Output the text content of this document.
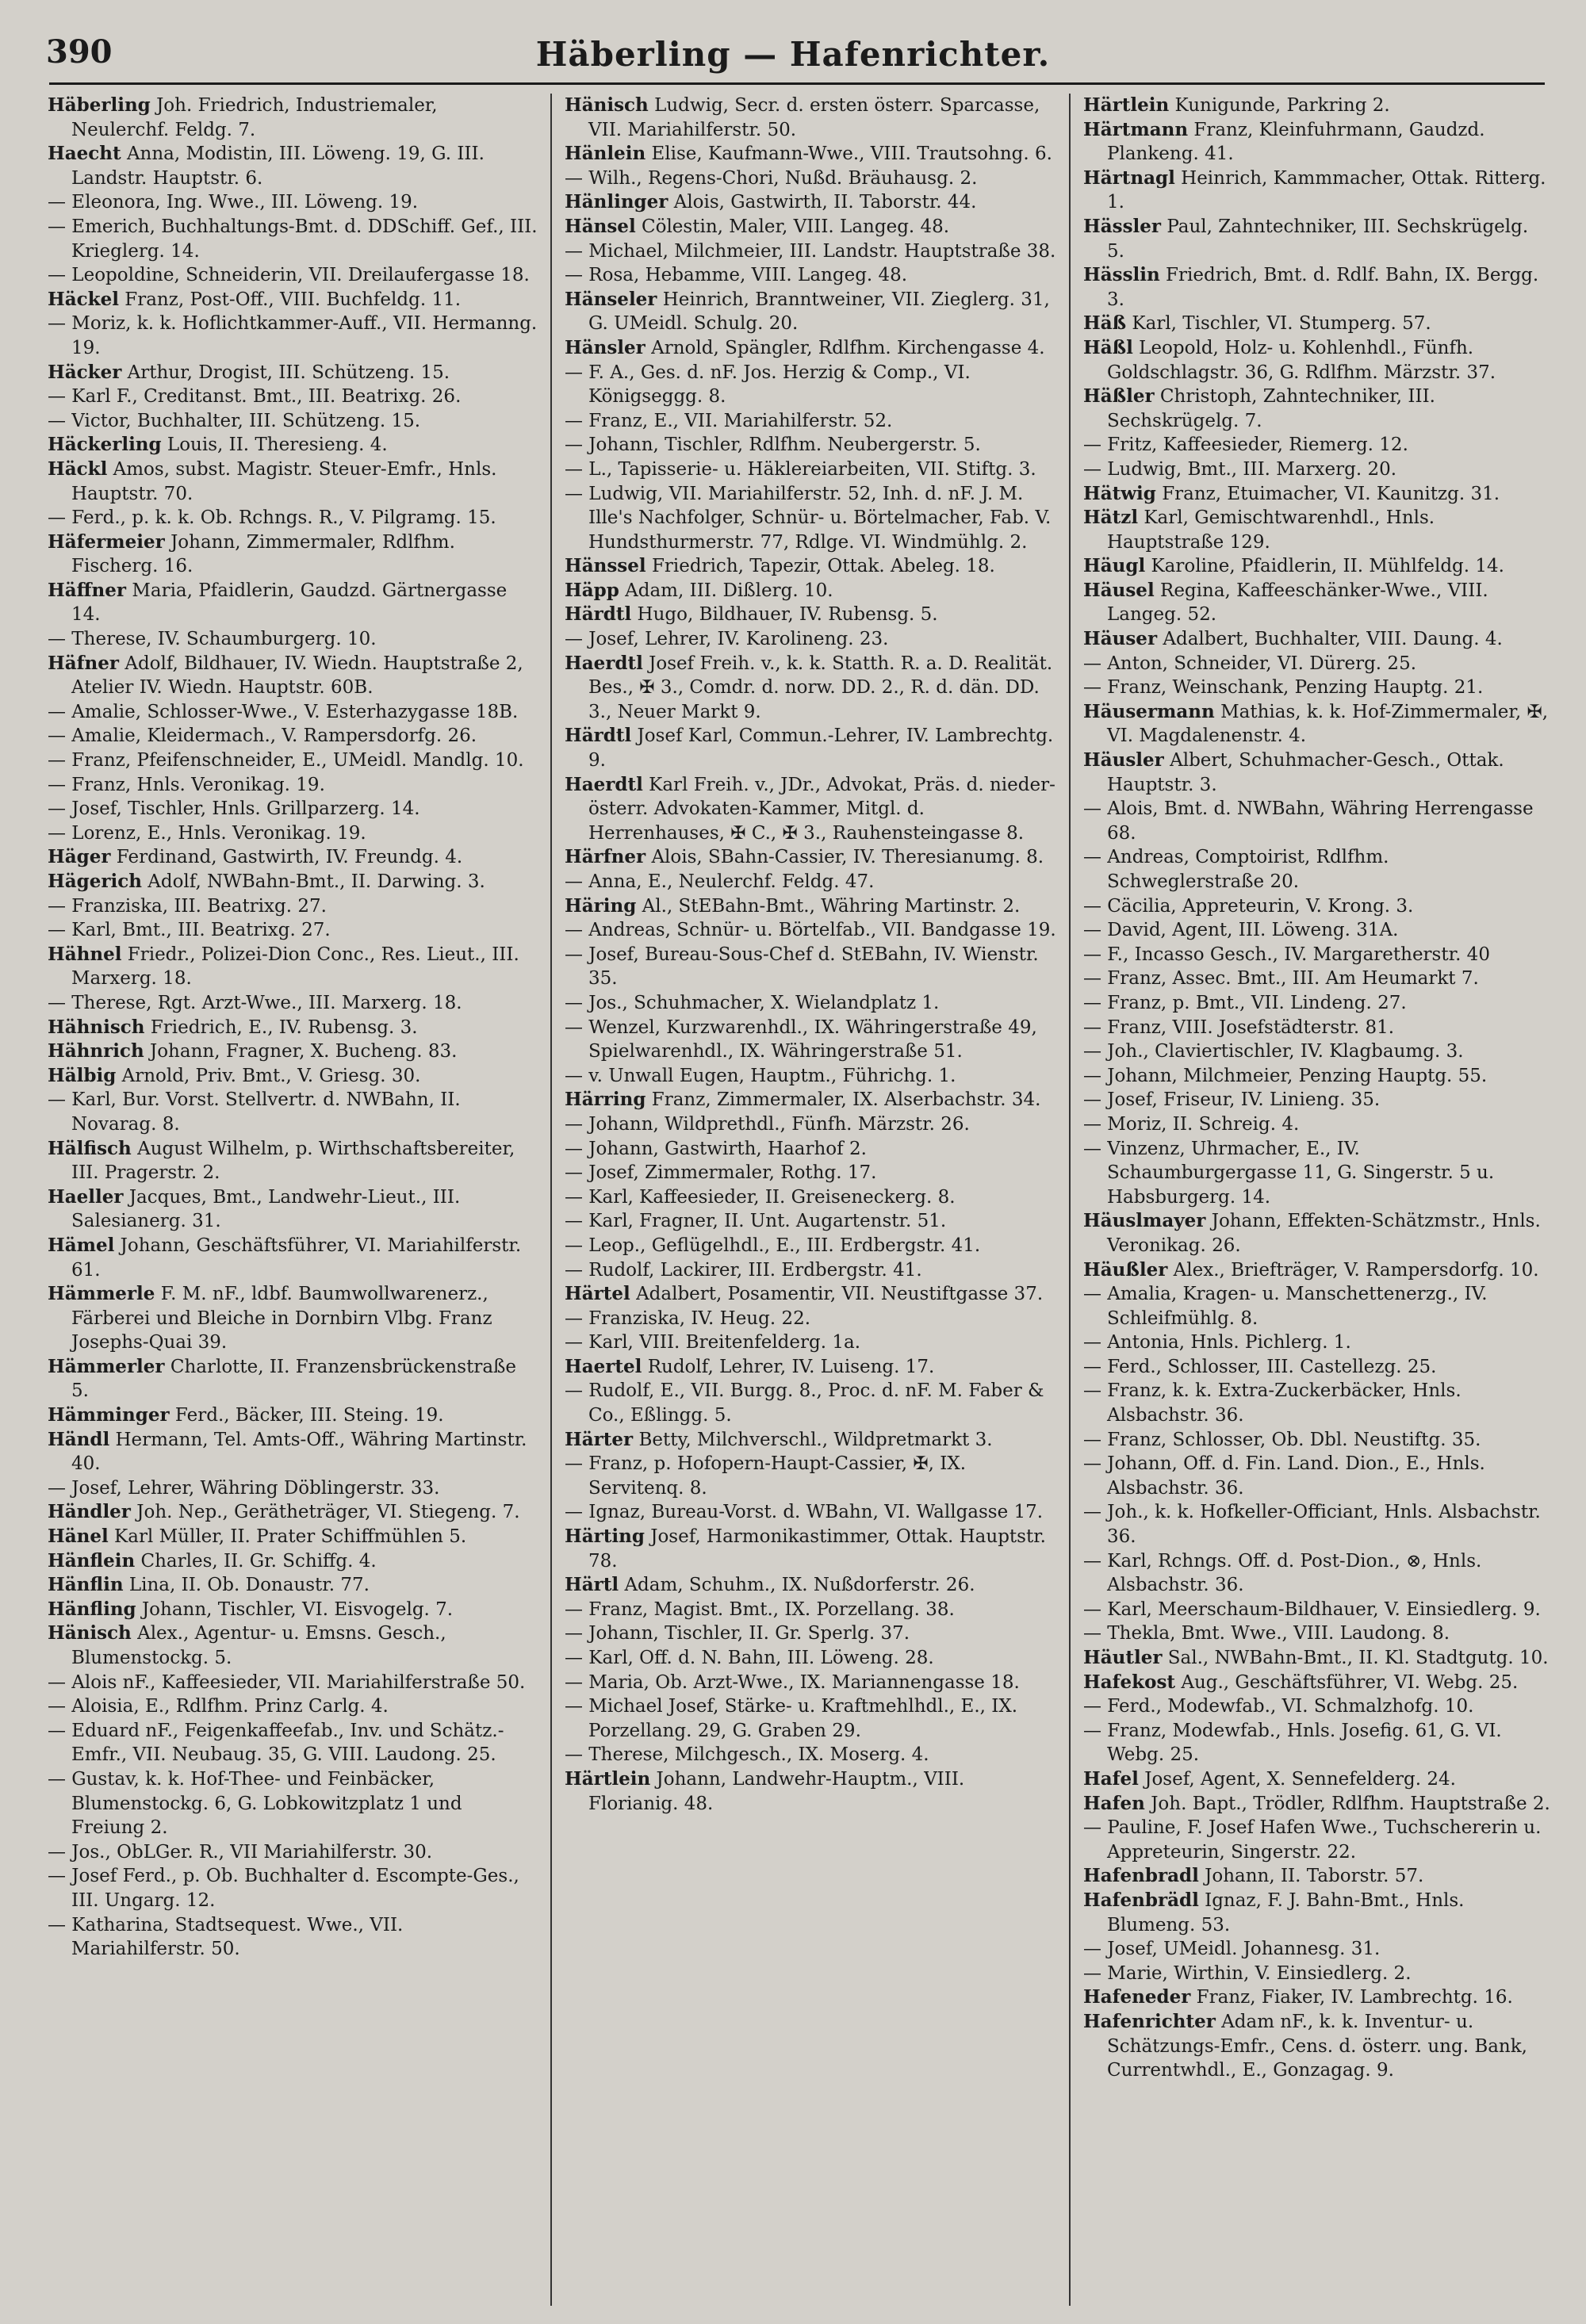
390	Häberling — Hafenrichter.

Häberling Joh. Friedrich, Industriemaler, Neulerchf. Feldg. 7.

Haecht Anna, Modistin, III. Löweng. 19, G. III. Landstr. Hauptstr. 6.

— Eleonora, Ing. Wwe., III. Löweng. 19.

— Emerich, Buchhaltungs-Bmt. d. DDSchiff. Gef., III. Krieglerg. 14.

— Leopoldine, Schneiderin, VII. Dreilaufergasse 18.

Häckel Franz, Post-Off., VIII. Buchfeldg. 11.

— Moriz, k. k. Hoflichtkammer-Auff., VII. Hermanng. 19.

Häcker Arthur, Drogist, III. Schützeng. 15.

— Karl F., Creditanst. Bmt., III. Beatrixg. 26.

— Victor, Buchhalter, III. Schützeng. 15.

Häckerling Louis, II. Theresieng. 4.

Häckl Amos, subst. Magistr. Steuer-Emfr., Hnls. Hauptstr. 70.

— Ferd., p. k. k. Ob. Rchngs. R., V. Pilgramg. 15.

Häfermeier Johann, Zimmermaler, Rdlfhm. Fischerg. 16.

Häffner Maria, Pfaidlerin, Gaudzd. Gärtnergasse 14.

— Therese, IV. Schaumburgerg. 10.

Häfner Adolf, Bildhauer, IV. Wiedn. Hauptstraße 2, Atelier IV. Wiedn. Hauptstr. 60B.

— Amalie, Schlosser-Wwe., V. Esterhazygasse 18B.

— Amalie, Kleidermach., V. Rampersdorfg. 26.

— Franz, Pfeifenschneider, E., UMeidl. Mandlg. 10.

— Franz, Hnls. Veronikag. 19.

— Josef, Tischler, Hnls. Grillparzerg. 14.

— Lorenz, E., Hnls. Veronikag. 19.

Häger Ferdinand, Gastwirth, IV. Freundg. 4.

Hägerich Adolf, NWBahn-Bmt., II. Darwing. 3.

— Franziska, III. Beatrixg. 27.

— Karl, Bmt., III. Beatrixg. 27.

Hähnel Friedr., Polizei-Dion Conc., Res. Lieut., III. Marxerg. 18.

— Therese, Rgt. Arzt-Wwe., III. Marxerg. 18.

Hähnisch Friedrich, E., IV. Rubensg. 3.

Hähnrich Johann, Fragner, X. Bucheng. 83.

Hälbig Arnold, Priv. Bmt., V. Griesg. 30.

— Karl, Bur. Vorst. Stellvertr. d. NWBahn, II. Novarag. 8.

Hälfisch August Wilhelm, p. Wirthschaftsbereiter, III. Pragerstr. 2.

Haeller Jacques, Bmt., Landwehr-Lieut., III. Salesianerg. 31.

Hämel Johann, Geschäftsführer, VI. Mariahilferstr. 61.

Hämmerle F. M. nF., ldbf. Baumwollwarenerz., Färberei und Bleiche in Dornbirn Vlbg. Franz Josephs-Quai 39.

Hämmerler Charlotte, II. Franzensbrückenstraße 5.

Hämminger Ferd., Bäcker, III. Steing. 19.

Händl Hermann, Tel. Amts-Off., Währing Martinstr. 40.

— Josef, Lehrer, Währing Döblingerstr. 33.

Händler Joh. Nep., Gerätheträger, VI. Stiegeng. 7.

Hänel Karl Müller, II. Prater Schiffmühlen 5.

Hänflein Charles, II. Gr. Schiffg. 4.

Hänflin Lina, II. Ob. Donaustr. 77.

Hänfling Johann, Tischler, VI. Eisvogelg. 7.

Hänisch Alex., Agentur- u. Emsns. Gesch., Blumenstockg. 5.

— Alois nF., Kaffeesieder, VII. Mariahilferstraße 50.

— Aloisia, E., Rdlfhm. Prinz Carlg. 4.

— Eduard nF., Feigenkaffeefab., Inv. und Schätz.-Emfr., VII. Neubaug. 35, G. VIII. Laudong. 25.

— Gustav, k. k. Hof-Thee- und Feinbäcker, Blumenstockg. 6, G. Lobkowitzplatz 1 und Freiung 2.

— Jos., ObLGer. R., VII Mariahilferstr. 30.

— Josef Ferd., p. Ob. Buchhalter d. Escompte-Ges., III. Ungarg. 12.

— Katharina, Stadtsequest. Wwe., VII. Mariahilferstr. 50.

Hänisch Ludwig, Secr. d. ersten österr. Sparcasse, VII. Mariahilferstr. 50.

Hänlein Elise, Kaufmann-Wwe., VIII. Trautsohng. 6.

— Wilh., Regens-Chori, Nußd. Bräuhausg. 2.

Hänlinger Alois, Gastwirth, II. Taborstr. 44.

Hänsel Cölestin, Maler, VIII. Langeg. 48.

— Michael, Milchmeier, III. Landstr. Hauptstraße 38.

— Rosa, Hebamme, VIII. Langeg. 48.

Hänseler Heinrich, Branntweiner, VII. Zieglerg. 31, G. UMeidl. Schulg. 20.

Hänsler Arnold, Spängler, Rdlfhm. Kirchengasse 4.

— F. A., Ges. d. nF. Jos. Herzig & Comp., VI. Königseggg. 8.

— Franz, E., VII. Mariahilferstr. 52.

— Johann, Tischler, Rdlfhm. Neubergerstr. 5.

— L., Tapisserie- u. Häklereiarbeiten, VII. Stiftg. 3.

— Ludwig, VII. Mariahilferstr. 52, Inh. d. nF. J. M. Ille's Nachfolger, Schnür- u. Börtelmacher, Fab. V. Hundsthurmerstr. 77, Rdlge. VI. Windmühlg. 2.

Hänssel Friedrich, Tapezir, Ottak. Abeleg. 18.

Häpp Adam, III. Dißlerg. 10.

Härdtl Hugo, Bildhauer, IV. Rubensg. 5.

— Josef, Lehrer, IV. Karolineng. 23.

Haerdtl Josef Freih. v., k. k. Statth. R. a. D. Realität. Bes., ✠ 3., Comdr. d. norw. DD. 2., R. d. dän. DD. 3., Neuer Markt 9.

Härdtl Josef Karl, Commun.-Lehrer, IV. Lambrechtg. 9.

Haerdtl Karl Freih. v., JDr., Advokat, Präs. d. nieder-österr. Advokaten-Kammer, Mitgl. d. Herrenhauses, ✠ C., ✠ 3., Rauhensteingasse 8.

Härfner Alois, SBahn-Cassier, IV. Theresianumg. 8.

— Anna, E., Neulerchf. Feldg. 47.

Häring Al., StEBahn-Bmt., Währing Martinstr. 2.

— Andreas, Schnür- u. Börtelfab., VII. Bandgasse 19.

— Josef, Bureau-Sous-Chef d. StEBahn, IV. Wienstr. 35.

— Jos., Schuhmacher, X. Wielandplatz 1.

— Wenzel, Kurzwarenhdl., IX. Währingerstraße 49, Spielwarenhdl., IX. Währingerstraße 51.

— v. Unwall Eugen, Hauptm., Führichg. 1.

Härring Franz, Zimmermaler, IX. Alserbachstr. 34.

— Johann, Wildprethdl., Fünfh. Märzstr. 26.

— Johann, Gastwirth, Haarhof 2.

— Josef, Zimmermaler, Rothg. 17.

— Karl, Kaffeesieder, II. Greiseneckerg. 8.

— Karl, Fragner, II. Unt. Augartenstr. 51.

— Leop., Geflügelhdl., E., III. Erdbergstr. 41.

— Rudolf, Lackirer, III. Erdbergstr. 41.

Härtel Adalbert, Posamentir, VII. Neustiftgasse 37.

— Franziska, IV. Heug. 22.

— Karl, VIII. Breitenfelderg. 1a.

Haertel Rudolf, Lehrer, IV. Luiseng. 17.

— Rudolf, E., VII. Burgg. 8., Proc. d. nF. M. Faber & Co., Eßlingg. 5.

Härter Betty, Milchverschl., Wildpretmarkt 3.

— Franz, p. Hofopern-Haupt-Cassier, ✠, IX. Servitenq. 8.

— Ignaz, Bureau-Vorst. d. WBahn, VI. Wallgasse 17.

Härting Josef, Harmonikastimmer, Ottak. Hauptstr. 78.

Härtl Adam, Schuhm., IX. Nußdorferstr. 26.

— Franz, Magist. Bmt., IX. Porzellang. 38.

— Johann, Tischler, II. Gr. Sperlg. 37.

— Karl, Off. d. N. Bahn, III. Löweng. 28.

— Maria, Ob. Arzt-Wwe., IX. Mariannengasse 18.

— Michael Josef, Stärke- u. Kraftmehlhdl., E., IX. Porzellang. 29, G. Graben 29.

— Therese, Milchgesch., IX. Moserg. 4.

Härtlein Johann, Landwehr-Hauptm., VIII. Florianig. 48.

Härtlein Kunigunde, Parkring 2.

Härtmann Franz, Kleinfuhrmann, Gaudzd. Plankeng. 41.

Härtnagl Heinrich, Kammmacher, Ottak. Ritterg. 1.

Hässler Paul, Zahntechniker, III. Sechskrügelg. 5.

Hässlin Friedrich, Bmt. d. Rdlf. Bahn, IX. Bergg. 3.

Häß Karl, Tischler, VI. Stumperg. 57.

Häßl Leopold, Holz- u. Kohlenhdl., Fünfh. Goldschlagstr. 36, G. Rdlfhm. Märzstr. 37.

Häßler Christoph, Zahntechniker, III. Sechskrügelg. 7.

— Fritz, Kaffeesieder, Riemerg. 12.

— Ludwig, Bmt., III. Marxerg. 20.

Hätwig Franz, Etuimacher, VI. Kaunitzg. 31.

Hätzl Karl, Gemischtwarenhdl., Hnls. Hauptstraße 129.

Häugl Karoline, Pfaidlerin, II. Mühlfeldg. 14.

Häusel Regina, Kaffeeschänker-Wwe., VIII. Langeg. 52.

Häuser Adalbert, Buchhalter, VIII. Daung. 4.

— Anton, Schneider, VI. Dürerg. 25.

— Franz, Weinschank, Penzing Hauptg. 21.

Häusermann Mathias, k. k. Hof-Zimmermaler, ✠, VI. Magdalenenstr. 4.

Häusler Albert, Schuhmacher-Gesch., Ottak. Hauptstr. 3.

— Alois, Bmt. d. NWBahn, Währing Herrengasse 68.

— Andreas, Comptoirist, Rdlfhm. Schweglerstraße 20.

— Cäcilia, Appreteurin, V. Krong. 3.

— David, Agent, III. Löweng. 31A.

— F., Incasso Gesch., IV. Margaretherstr. 40

— Franz, Assec. Bmt., III. Am Heumarkt 7.

— Franz, p. Bmt., VII. Lindeng. 27.

— Franz, VIII. Josefstädterstr. 81.

— Joh., Claviertischler, IV. Klagbaumg. 3.

— Johann, Milchmeier, Penzing Hauptg. 55.

— Josef, Friseur, IV. Linieng. 35.

— Moriz, II. Schreig. 4.

— Vinzenz, Uhrmacher, E., IV. Schaumburgergasse 11, G. Singerstr. 5 u. Habsburgerg. 14.

Häuslmayer Johann, Effekten-Schätzmstr., Hnls. Veronikag. 26.

Häußler Alex., Briefträger, V. Rampersdorfg. 10.

— Amalia, Kragen- u. Manschettenerzg., IV. Schleifmühlg. 8.

— Antonia, Hnls. Pichlerg. 1.

— Ferd., Schlosser, III. Castellezg. 25.

— Franz, k. k. Extra-Zuckerbäcker, Hnls. Alsbachstr. 36.

— Franz, Schlosser, Ob. Dbl. Neustiftg. 35.

— Johann, Off. d. Fin. Land. Dion., E., Hnls. Alsbachstr. 36.

— Joh., k. k. Hofkeller-Officiant, Hnls. Alsbachstr. 36.

— Karl, Rchngs. Off. d. Post-Dion., ⊗, Hnls. Alsbachstr. 36.

— Karl, Meerschaum-Bildhauer, V. Einsiedlerg. 9.

— Thekla, Bmt. Wwe., VIII. Laudong. 8.

Häutler Sal., NWBahn-Bmt., II. Kl. Stadtgutg. 10.

Hafekost Aug., Geschäftsführer, VI. Webg. 25.

— Ferd., Modewfab., VI. Schmalzhofg. 10.

— Franz, Modewfab., Hnls. Josefig. 61, G. VI. Webg. 25.

Hafel Josef, Agent, X. Sennefelderg. 24.

Hafen Joh. Bapt., Trödler, Rdlfhm. Hauptstraße 2.

— Pauline, F. Josef Hafen Wwe., Tuchschererin u. Appreteurin, Singerstr. 22.

Hafenbradl Johann, II. Taborstr. 57.

Hafenbrädl Ignaz, F. J. Bahn-Bmt., Hnls. Blumeng. 53.

— Josef, UMeidl. Johannesg. 31.

— Marie, Wirthin, V. Einsiedlerg. 2.

Hafeneder Franz, Fiaker, IV. Lambrechtg. 16.

Hafenrichter Adam nF., k. k. Inventur- u. Schätzungs-Emfr., Cens. d. österr. ung. Bank, Currentwhdl., E., Gonzagag. 9.
